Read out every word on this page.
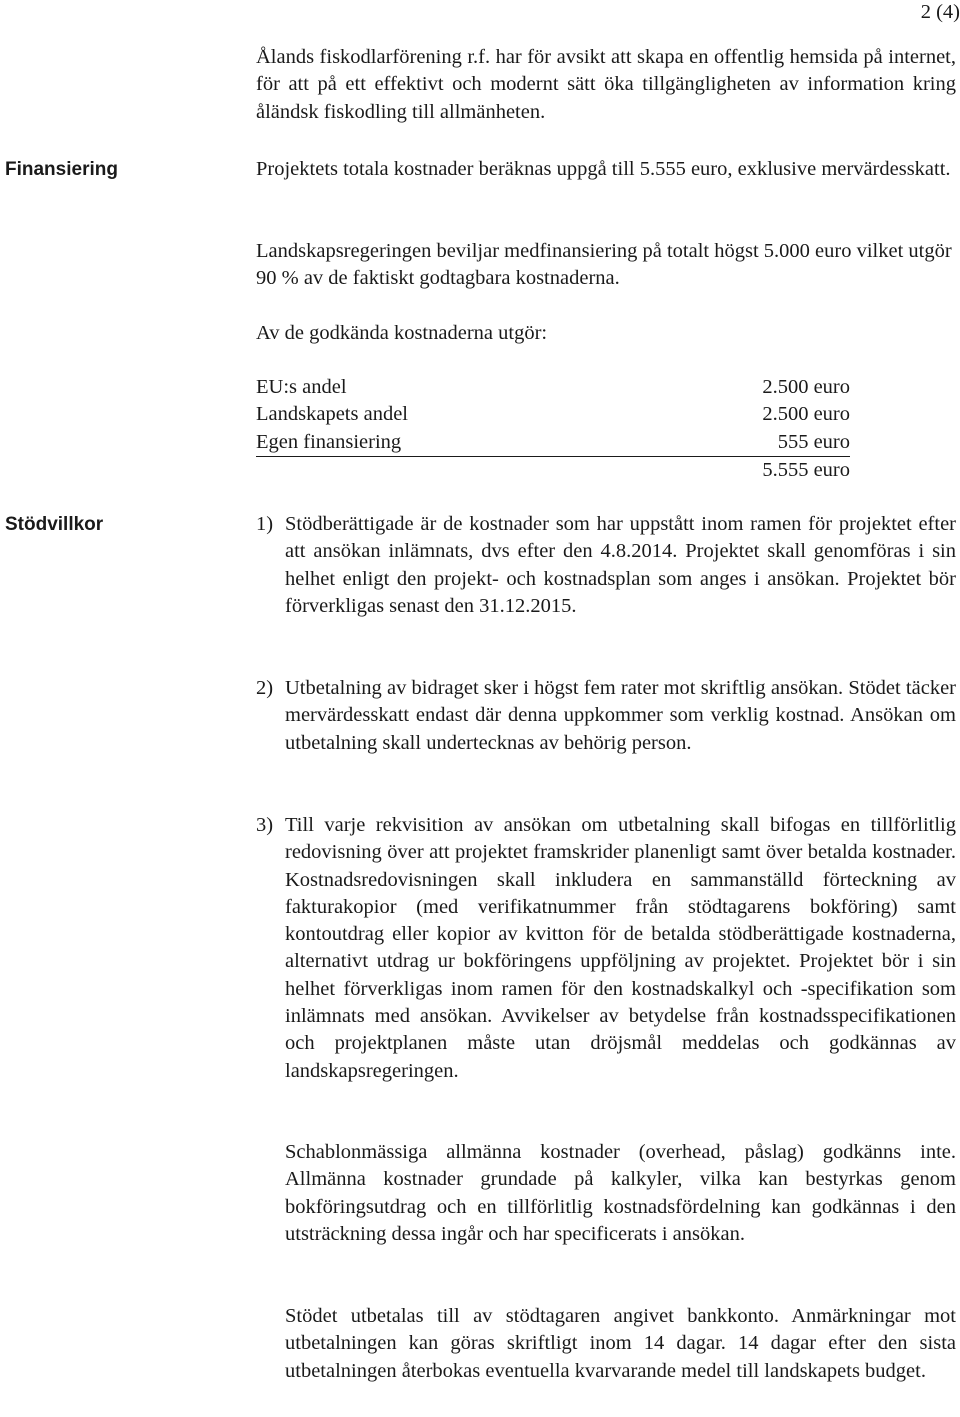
2 (4)
Ålands fiskodlarförening r.f. har för avsikt att skapa en offentlig hemsida på internet, för att på ett effektivt och modernt sätt öka tillgängligheten av information kring åländsk fiskodling till allmänheten.
Finansiering	Projektets totala kostnader beräknas uppgå till 5.555 euro, exklusive mervärdesskatt.
Landskapsregeringen beviljar medfinansiering på totalt högst 5.000 euro vilket utgör 90 % av de faktiskt godtagbara kostnaderna.
Av de godkända kostnaderna utgör:
EU:s andel	2.500 euro
Landskapets andel	2.500 euro
Egen finansiering	555 euro
5.555 euro
Stödvillkor	1) Stödberättigade är de kostnader som har uppstått inom ramen för projektet efter att ansökan inlämnats, dvs efter den 4.8.2014. Projektet skall genomföras i sin helhet enligt den projekt- och kostnadsplan som anges i ansökan. Projektet bör förverkligas senast den 31.12.2015.
2) Utbetalning av bidraget sker i högst fem rater mot skriftlig ansökan. Stödet täcker mervärdesskatt endast där denna uppkommer som verklig kostnad. Ansökan om utbetalning skall undertecknas av behörig person.
3) Till varje rekvisition av ansökan om utbetalning skall bifogas en tillförlitlig redovisning över att projektet framskrider planenligt samt över betalda kostnader. Kostnadsredovisningen skall inkludera en sammanställd förteckning av fakturakopior (med verifikatnummer från stödtagarens bokföring) samt kontoutdrag eller kopior av kvitton för de betalda stödberättigade kostnaderna, alternativt utdrag ur bokföringens uppföljning av projektet. Projektet bör i sin helhet förverkligas inom ramen för den kostnadskalkyl och -specifikation som inlämnats med ansökan. Avvikelser av betydelse från kostnadsspecifikationen och projektplanen måste utan dröjsmål meddelas och godkännas av landskapsregeringen.
Schablonmässiga allmänna kostnader (overhead, påslag) godkänns inte. Allmänna kostnader grundade på kalkyler, vilka kan bestyrkas genom bokföringsutdrag och en tillförlitlig kostnadsfördelning kan godkännas i den utsträckning dessa ingår och har specificerats i ansökan.
Stödet utbetalas till av stödtagaren angivet bankkonto. Anmärkningar mot utbetalningen kan göras skriftligt inom 14 dagar. 14 dagar efter den sista utbetalningen återbokas eventuella kvarvarande medel till landskapets budget.
